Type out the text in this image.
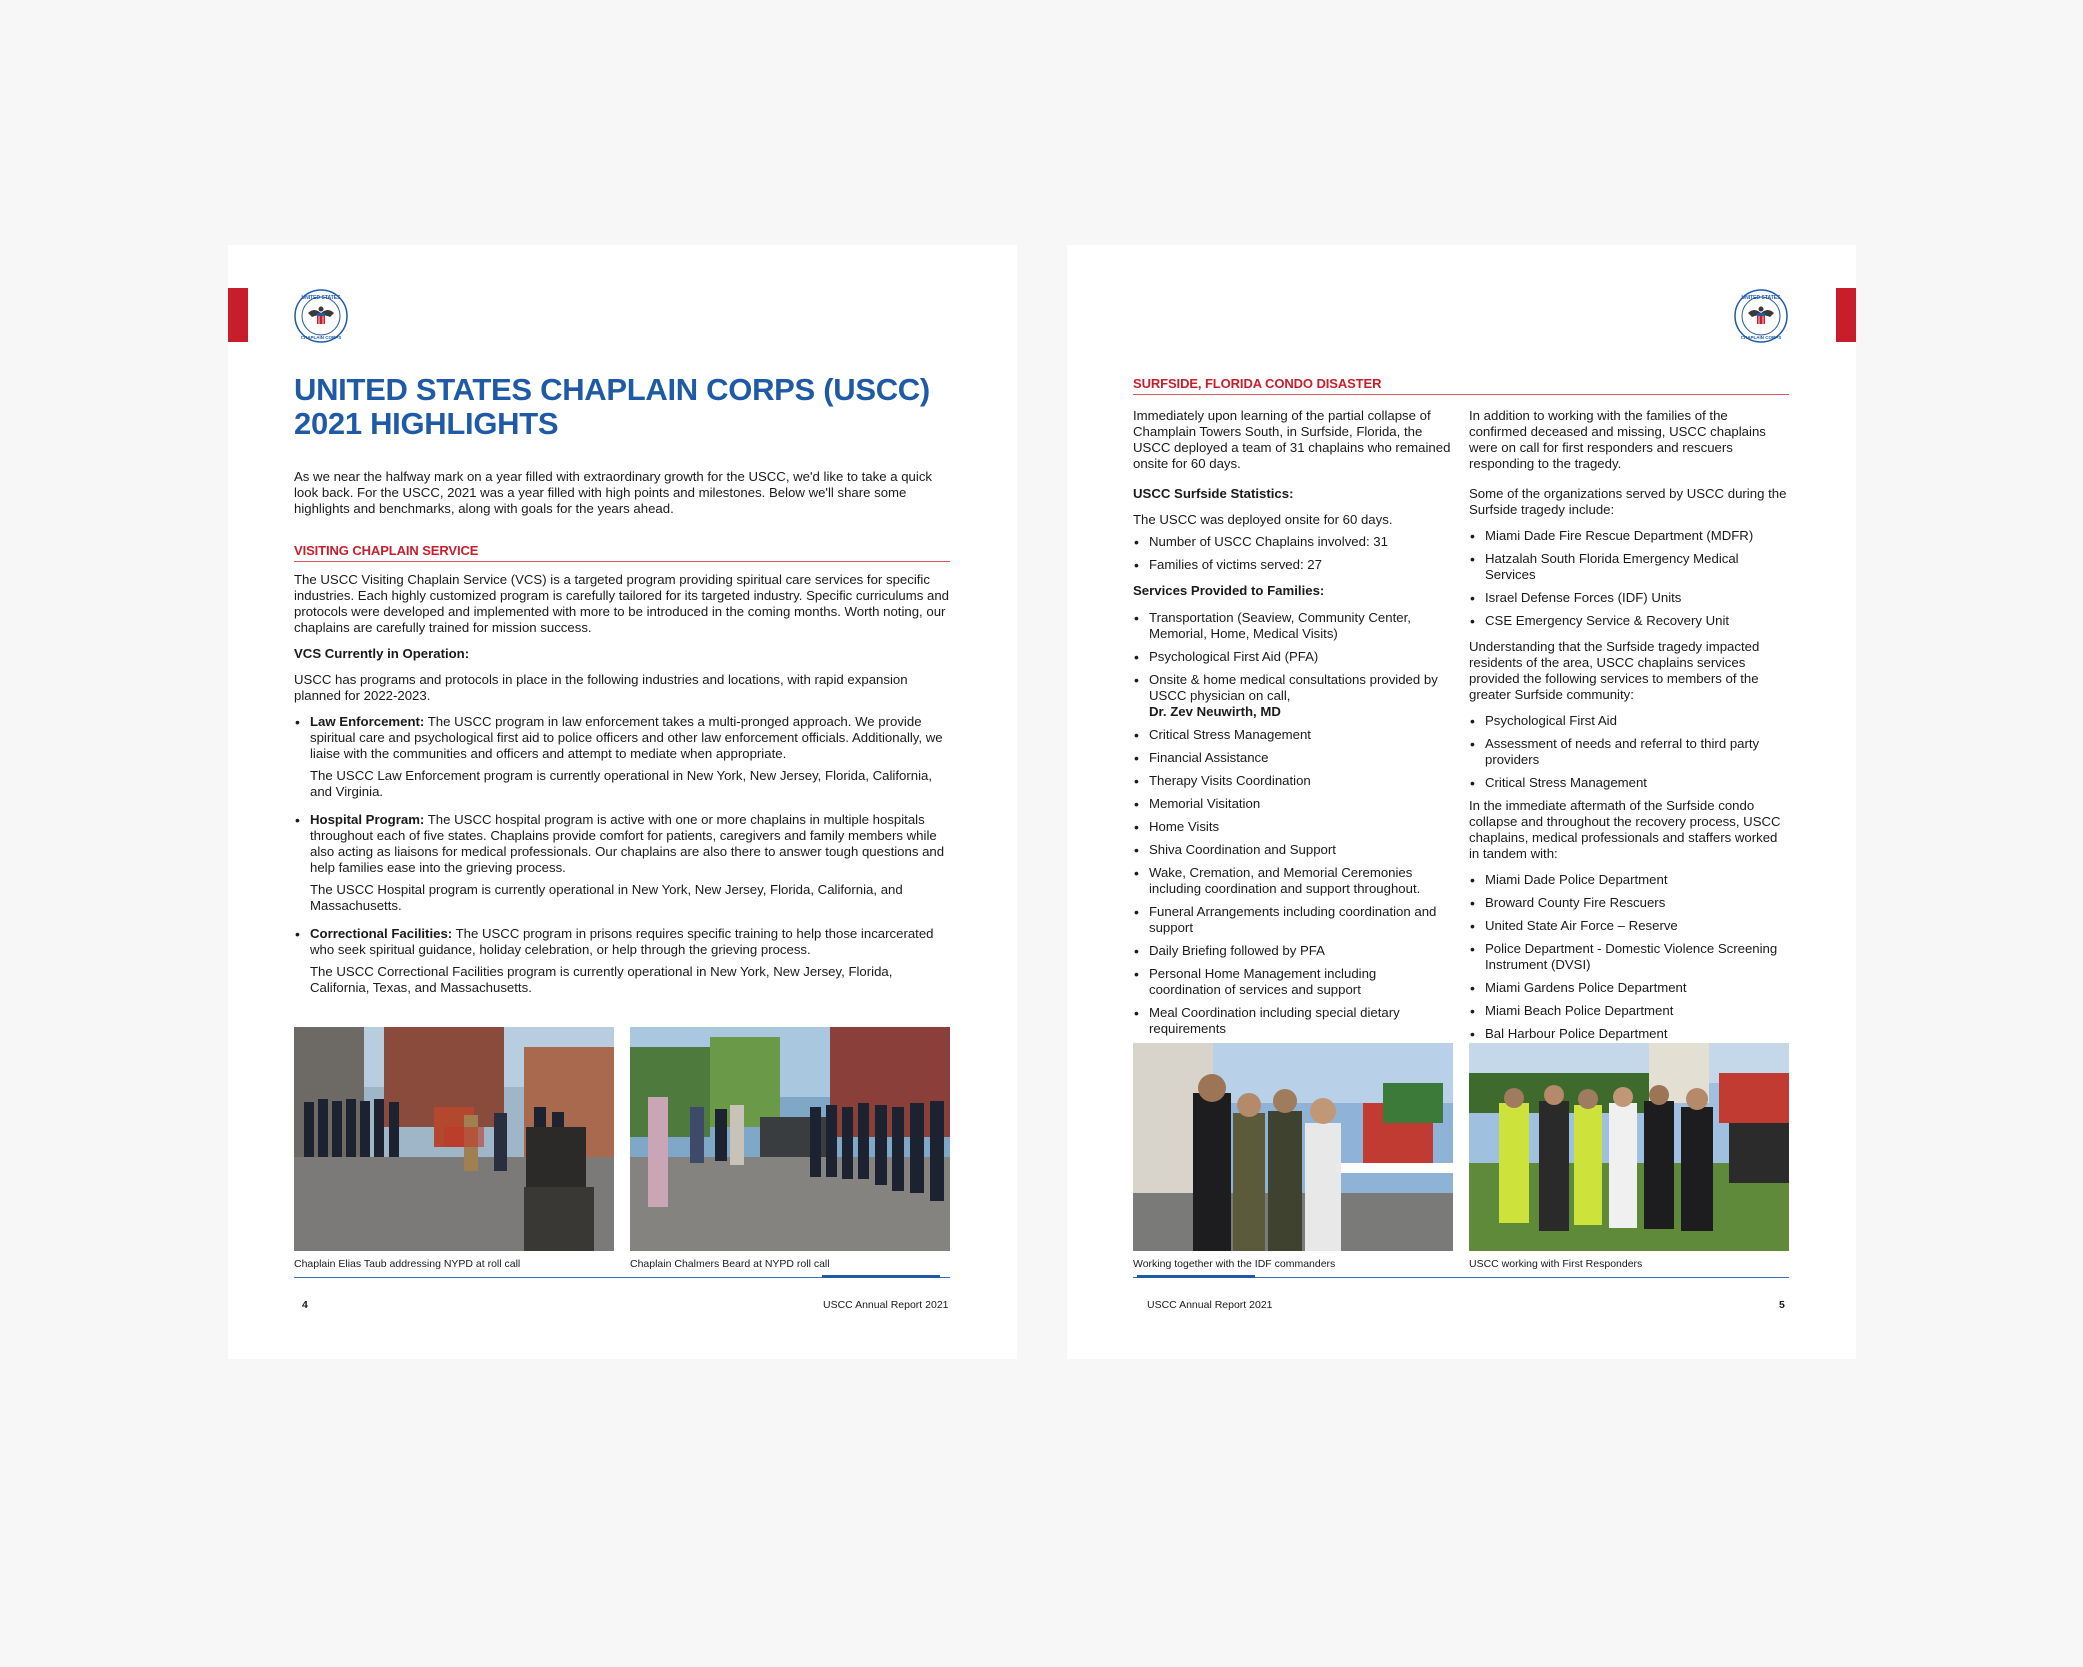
UNITED STATES
CHAPLAIN CORPS
UNITED STATES CHAPLAIN CORPS (USCC) 2021 HIGHLIGHTS
As we near the halfway mark on a year filled with extraordinary growth for the USCC, we'd like to take a quick look back. For the USCC, 2021 was a year filled with high points and milestones. Below we'll share some highlights and benchmarks, along with goals for the years ahead.
VISITING CHAPLAIN SERVICE
The USCC Visiting Chaplain Service (VCS) is a targeted program providing spiritual care services for specific industries. Each highly customized program is carefully tailored for its targeted industry. Specific curriculums and protocols were developed and implemented with more to be introduced in the coming months. Worth noting, our chaplains are carefully trained for mission success.
VCS Currently in Operation:
USCC has programs and protocols in place in the following industries and locations, with rapid expansion planned for 2022-2023.
• Law Enforcement: The USCC program in law enforcement takes a multi-pronged approach. We provide spiritual care and psychological first aid to police officers and other law enforcement officials. Additionally, we liaise with the communities and officers and attempt to mediate when appropriate.
The USCC Law Enforcement program is currently operational in New York, New Jersey, Florida, California, and Virginia.
• Hospital Program: The USCC hospital program is active with one or more chaplains in multiple hospitals throughout each of five states. Chaplains provide comfort for patients, caregivers and family members while also acting as liaisons for medical professionals. Our chaplains are also there to answer tough questions and help families ease into the grieving process.
The USCC Hospital program is currently operational in New York, New Jersey, Florida, California, and Massachusetts.
• Correctional Facilities: The USCC program in prisons requires specific training to help those incarcerated who seek spiritual guidance, holiday celebration, or help through the grieving process.
The USCC Correctional Facilities program is currently operational in New York, New Jersey, Florida, California, Texas, and Massachusetts.
Chaplain Elias Taub addressing NYPD at roll call	Chaplain Chalmers Beard at NYPD roll call
4	USCC Annual Report 2021
UNITED STATES
CHAPLAIN CORPS
SURFSIDE, FLORIDA CONDO DISASTER
Immediately upon learning of the partial collapse of Champlain Towers South, in Surfside, Florida, the USCC deployed a team of 31 chaplains who remained onsite for 60 days.
USCC Surfside Statistics:
The USCC was deployed onsite for 60 days.
• Number of USCC Chaplains involved: 31
• Families of victims served: 27
Services Provided to Families:
• Transportation (Seaview, Community Center, Memorial, Home, Medical Visits)
• Psychological First Aid (PFA)
• Onsite & home medical consultations provided by USCC physician on call,
Dr. Zev Neuwirth, MD
• Critical Stress Management
• Financial Assistance
• Therapy Visits Coordination
• Memorial Visitation
• Home Visits
• Shiva Coordination and Support
• Wake, Cremation, and Memorial Ceremonies including coordination and support throughout.
• Funeral Arrangements including coordination and support
• Daily Briefing followed by PFA
• Personal Home Management including coordination of services and support
• Meal Coordination including special dietary requirements
In addition to working with the families of the confirmed deceased and missing, USCC chaplains were on call for first responders and rescuers responding to the tragedy.
Some of the organizations served by USCC during the Surfside tragedy include:
• Miami Dade Fire Rescue Department (MDFR)
• Hatzalah South Florida Emergency Medical Services
• Israel Defense Forces (IDF) Units
• CSE Emergency Service & Recovery Unit
Understanding that the Surfside tragedy impacted residents of the area, USCC chaplains services provided the following services to members of the greater Surfside community:
• Psychological First Aid
• Assessment of needs and referral to third party providers
• Critical Stress Management
In the immediate aftermath of the Surfside condo collapse and throughout the recovery process, USCC chaplains, medical professionals and staffers worked in tandem with:
• Miami Dade Police Department
• Broward County Fire Rescuers
• United State Air Force – Reserve
• Police Department - Domestic Violence Screening Instrument (DVSI)
• Miami Gardens Police Department
• Miami Beach Police Department
• Bal Harbour Police Department
Working together with the IDF commanders	USCC working with First Responders
USCC Annual Report 2021	5
